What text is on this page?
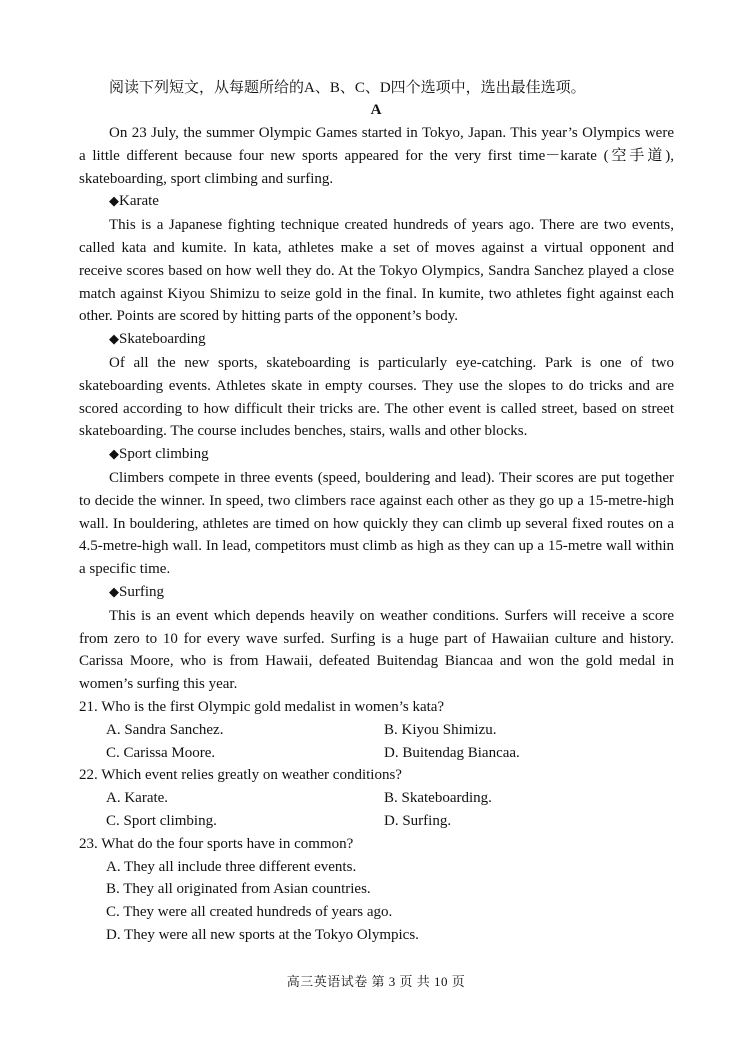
阅读下列短文，从每题所给的A、B、C、D四个选项中，选出最佳选项。
A

On 23 July, the summer Olympic Games started in Tokyo, Japan. This year’s Olympics were a little different because four new sports appeared for the very first time－karate (空手道), skateboarding, sport climbing and surfing.

◆Karate

This is a Japanese fighting technique created hundreds of years ago. There are two events, called kata and kumite. In kata, athletes make a set of moves against a virtual opponent and receive scores based on how well they do. At the Tokyo Olympics, Sandra Sanchez played a close match against Kiyou Shimizu to seize gold in the final. In kumite, two athletes fight against each other. Points are scored by hitting parts of the opponent’s body.

◆Skateboarding

Of all the new sports, skateboarding is particularly eye-catching. Park is one of two skateboarding events. Athletes skate in empty courses. They use the slopes to do tricks and are scored according to how difficult their tricks are. The other event is called street, based on street skateboarding. The course includes benches, stairs, walls and other blocks.

◆Sport climbing

Climbers compete in three events (speed, bouldering and lead). Their scores are put together to decide the winner. In speed, two climbers race against each other as they go up a 15-metre-high wall. In bouldering, athletes are timed on how quickly they can climb up several fixed routes on a 4.5-metre-high wall. In lead, competitors must climb as high as they can up a 15-metre wall within a specific time.

◆Surfing

This is an event which depends heavily on weather conditions. Surfers will receive a score from zero to 10 for every wave surfed. Surfing is a huge part of Hawaiian culture and history. Carissa Moore, who is from Hawaii, defeated Buitendag Biancaa and won the gold medal in women’s surfing this year.

21. Who is the first Olympic gold medalist in women’s kata?
A. Sandra Sanchez.	B. Kiyou Shimizu.
C. Carissa Moore.	D. Buitendag Biancaa.
22. Which event relies greatly on weather conditions?
A. Karate.	B. Skateboarding.
C. Sport climbing.	D. Surfing.
23. What do the four sports have in common?
A. They all include three different events.
B. They all originated from Asian countries.
C. They were all created hundreds of years ago.
D. They were all new sports at the Tokyo Olympics.
高三英语试卷 第 3 页 共 10 页
